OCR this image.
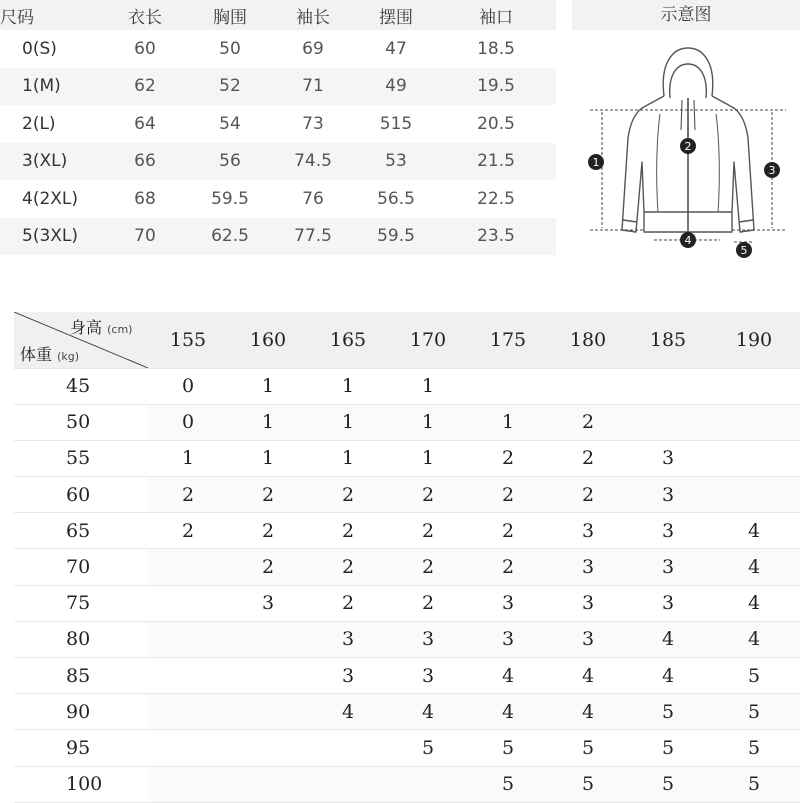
尺码	衣长	胸围	袖长	摆围	袖口
0(S)	60	50	69	47	18.5
1(M)	62	52	71	49	19.5
2(L)	64	54	73	515	20.5
3(XL)	66	56	74.5	53	21.5
4(2XL)	68	59.5	76	56.5	22.5
5(3XL)	70	62.5	77.5	59.5	23.5
示意图
1
2
3
4
5
身高 (cm)
体重 (kg)	155	160	165	170	175	180	185	190
45	0	1	1	1				
50	0	1	1	1	1	2		
55	1	1	1	1	2	2	3	
60	2	2	2	2	2	2	3	
65	2	2	2	2	2	3	3	4
70		2	2	2	2	3	3	4
75		3	2	2	3	3	3	4
80			3	3	3	3	4	4
85			3	3	4	4	4	5
90			4	4	4	4	5	5
95				5	5	5	5	5
100					5	5	5	5
